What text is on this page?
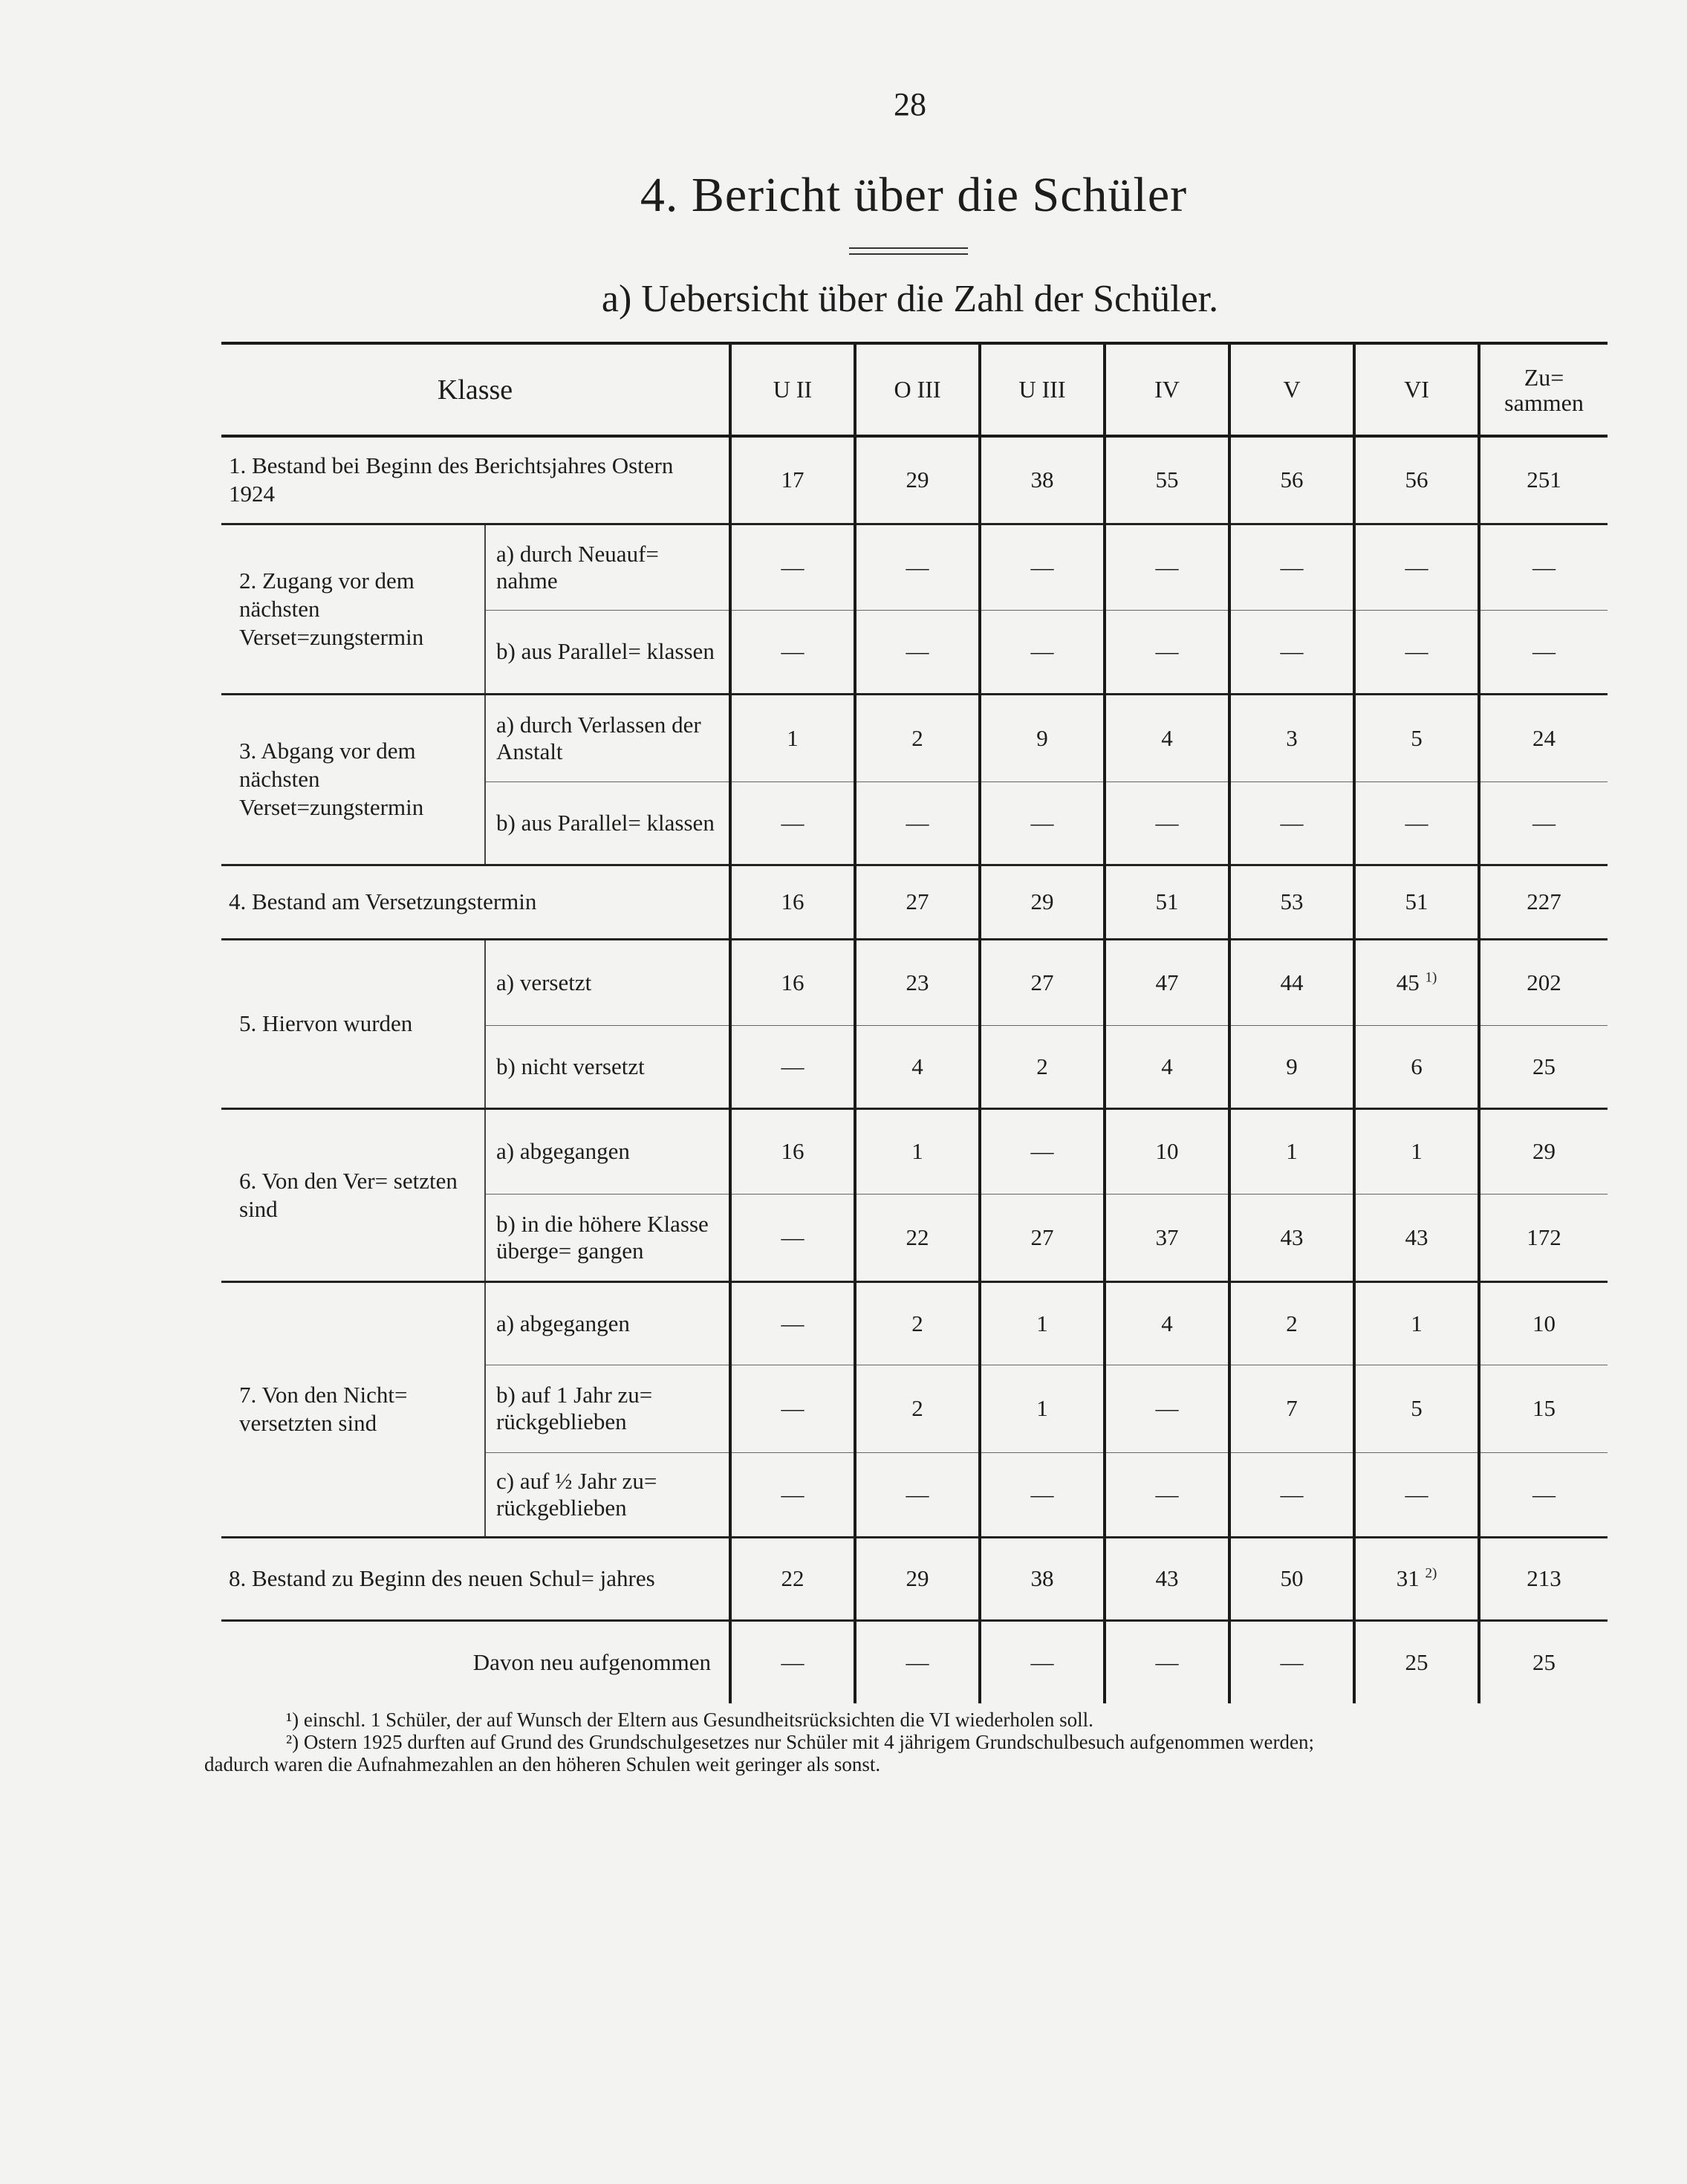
28
4. Bericht über die Schüler
a) Uebersicht über die Zahl der Schüler.
Klasse		U II	O III	U III	IV	V	VI	Zu=
sammen
1. Bestand bei Beginn des Berichtsjahres Ostern 1924		17	29	38	55	56	56	251
2. Zugang vor dem nächsten Verset=zungstermin	a) durch Neuauf= nahme	—	—	—	—	—	—	—
	b) aus Parallel= klassen	—	—	—	—	—	—	—
3. Abgang vor dem nächsten Verset=zungstermin	a) durch Verlassen der Anstalt	1	2	9	4	3	5	24
	b) aus Parallel= klassen	—	—	—	—	—	—	—
4. Bestand am Versetzungstermin		16	27	29	51	53	51	227
5. Hiervon wurden	a) versetzt	16	23	27	47	44	45 $^{1)}$	202
	b) nicht versetzt	—	4	2	4	9	6	25
6. Von den Ver= setzten sind	a) abgegangen	16	1	—	10	1	1	29
	b) in die höhere Klasse überge= gangen	—	22	27	37	43	43	172
7. Von den Nicht= versetzten sind	a) abgegangen	—	2	1	4	2	1	10
	b) auf 1 Jahr zu= rückgeblieben	—	2	1	—	7	5	15
	c) auf ½ Jahr zu= rückgeblieben	—	—	—	—	—	—	—
8. Bestand zu Beginn des neuen Schul= jahres		22	29	38	43	50	31 $^{2)}$	213
Davon neu aufgenommen		—	—	—	—	—	25	25

¹) einschl. 1 Schüler, der auf Wunsch der Eltern aus Gesundheitsrücksichten die VI wiederholen soll.

²) Ostern 1925 durften auf Grund des Grundschulgesetzes nur Schüler mit 4 jährigem Grundschulbesuch aufgenommen werden;

dadurch waren die Aufnahmezahlen an den höheren Schulen weit geringer als sonst.
